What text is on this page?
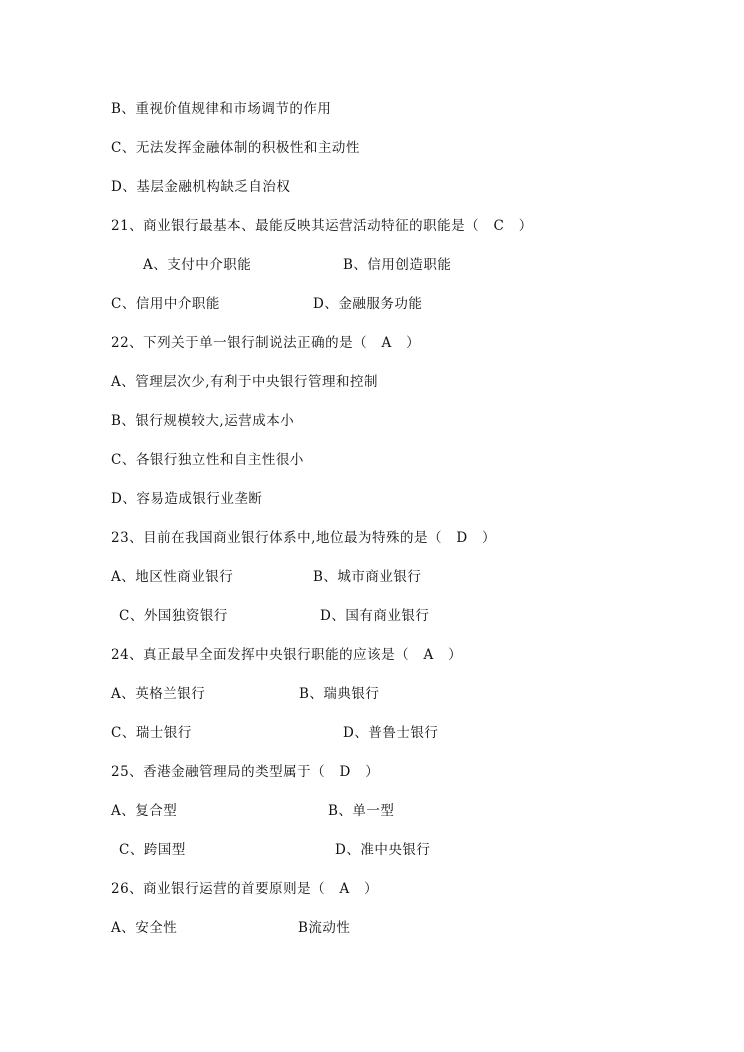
B、重视价值规律和市场调节的作用
C、无法发挥金融体制的积极性和主动性
D、基层金融机构缺乏自治权
21、商业银行最基本、最能反映其运营活动特征的职能是（   C   ）
A、支付中介职能	B、信用创造职能
C、信用中介职能	D、金融服务功能
22、下列关于单一银行制说法正确的是（   A   ）
A、管理层次少,有利于中央银行管理和控制
B、银行规模较大,运营成本小
C、各银行独立性和自主性很小
D、容易造成银行业垄断
23、目前在我国商业银行体系中,地位最为特殊的是（   D   ）
A、地区性商业银行	B、城市商业银行
C、外国独资银行	D、国有商业银行
24、真正最早全面发挥中央银行职能的应该是（   A   ）
A、英格兰银行	B、瑞典银行
C、瑞士银行	D、普鲁士银行
25、香港金融管理局的类型属于（   D   ）
A、复合型	B、单一型
C、跨国型	D、准中央银行
26、商业银行运营的首要原则是（   A   ）
A、安全性	B流动性
